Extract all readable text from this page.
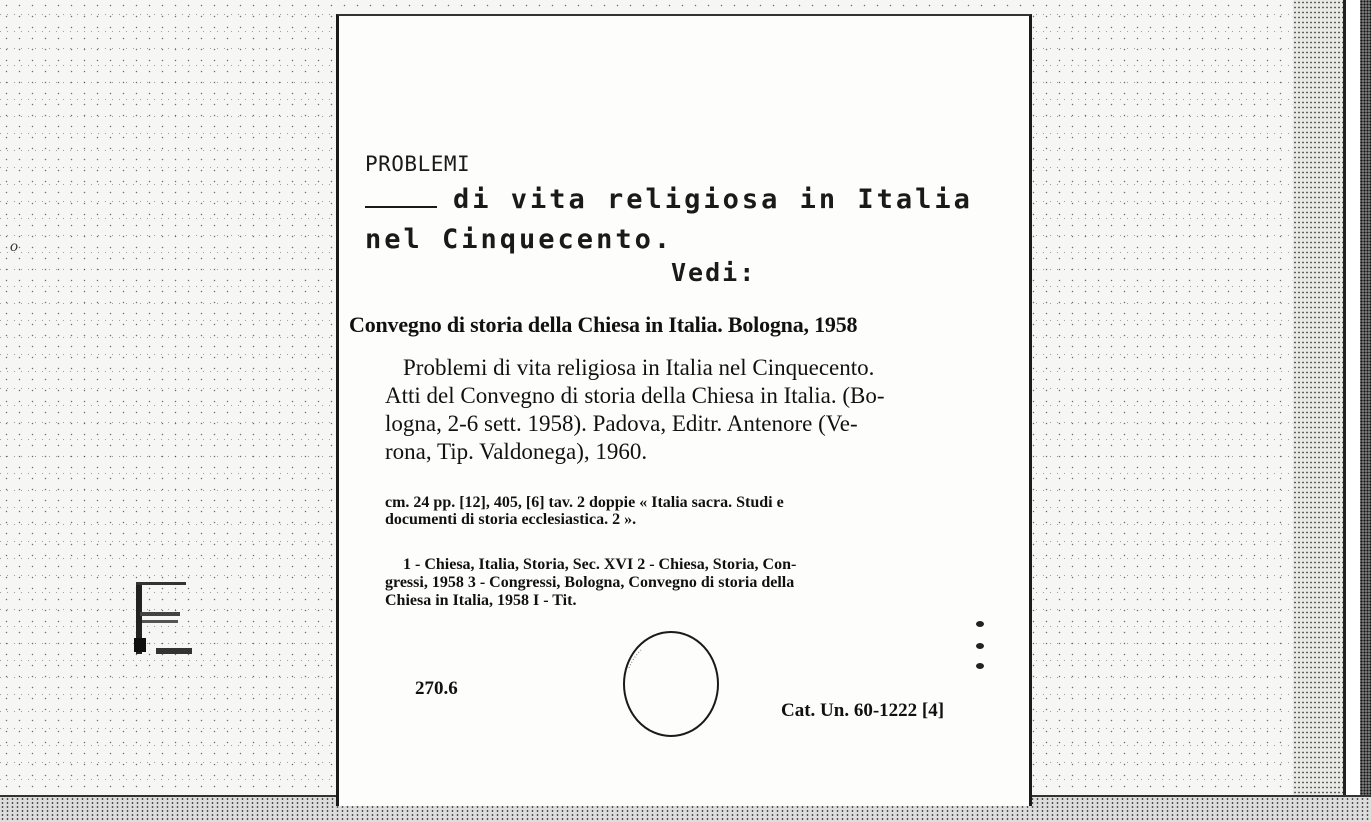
o
PROBLEMI
di vita religiosa in Italia
nel Cinquecento.
Vedi:
Convegno di storia della Chiesa in Italia. Bologna, 1958
Problemi di vita religiosa in Italia nel Cinquecento.
Atti del Convegno di storia della Chiesa in Italia. (Bo-
logna, 2-6 sett. 1958). Padova, Editr. Antenore (Ve-
rona, Tip. Valdonega), 1960.
cm. 24 pp. [12], 405, [6] tav. 2 doppie « Italia sacra. Studi e
documenti di storia ecclesiastica. 2 ».
1 - Chiesa, Italia, Storia, Sec. XVI 2 - Chiesa, Storia, Con-
gressi, 1958 3 - Congressi, Bologna, Convegno di storia della
Chiesa in Italia, 1958 I - Tit.
270.6
Cat. Un. 60-1222 [4]
